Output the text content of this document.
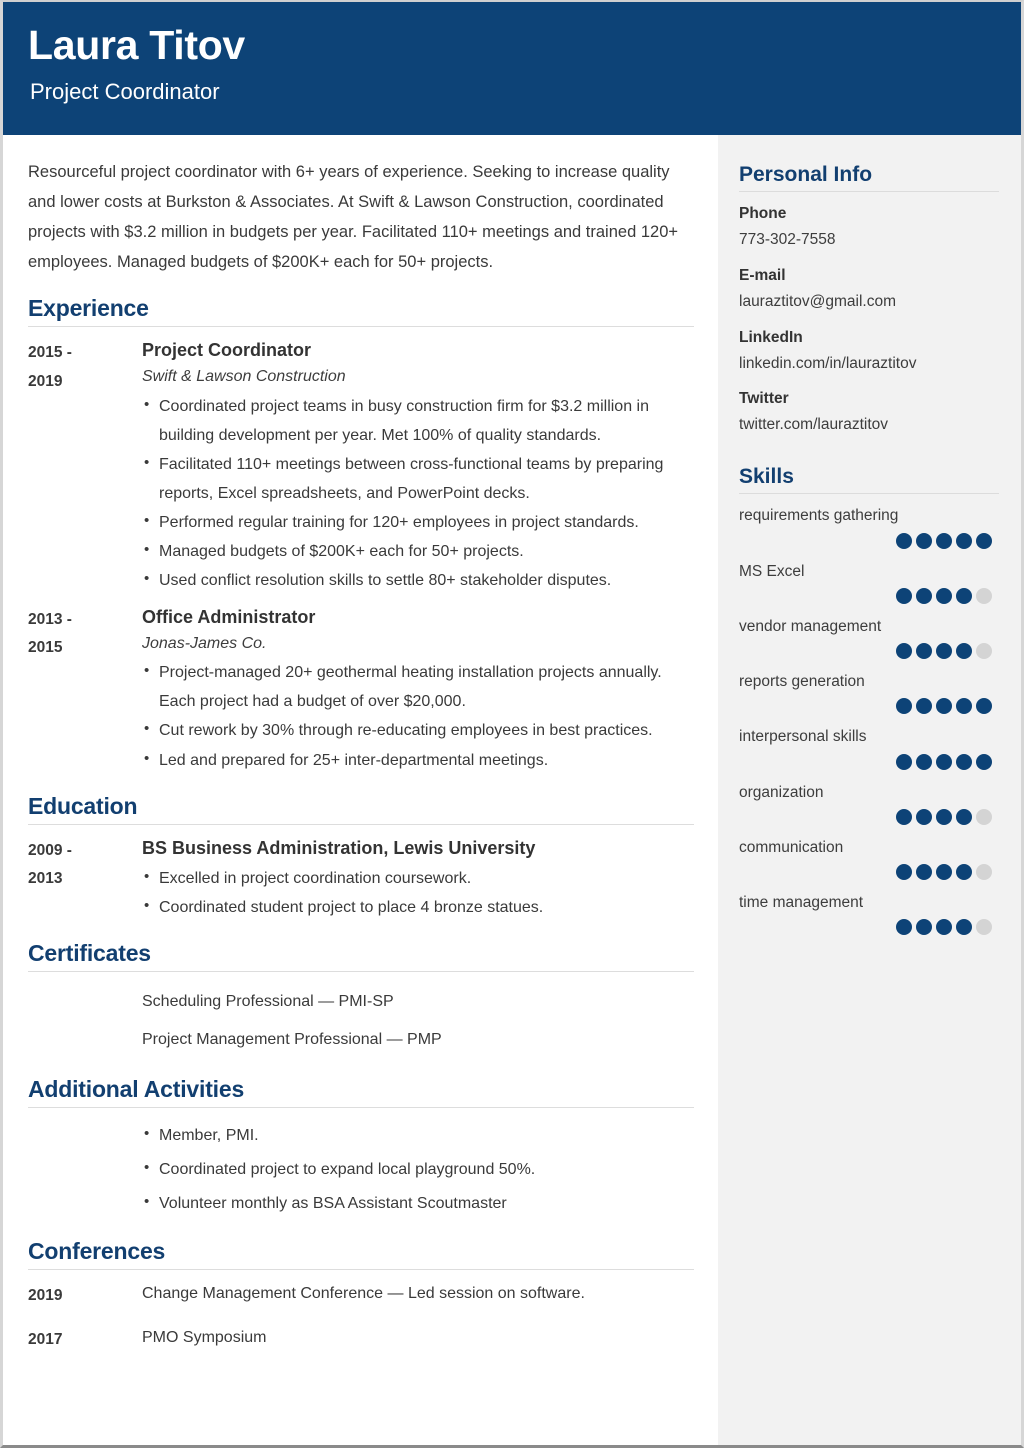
Laura Titov
Project Coordinator

Resourceful project coordinator with 6+ years of experience. Seeking to increase quality and lower costs at Burkston & Associates. At Swift & Lawson Construction, coordinated projects with $3.2 million in budgets per year. Facilitated 110+ meetings and trained 120+ employees. Managed budgets of $200K+ each for 50+ projects.

Experience
2015 -
2019
Project Coordinator
Swift & Lawson Construction
• Coordinated project teams in busy construction firm for $3.2 million in building development per year. Met 100% of quality standards.
• Facilitated 110+ meetings between cross-functional teams by preparing reports, Excel spreadsheets, and PowerPoint decks.
• Performed regular training for 120+ employees in project standards.
• Managed budgets of $200K+ each for 50+ projects.
• Used conflict resolution skills to settle 80+ stakeholder disputes.
2013 -
2015
Office Administrator
Jonas-James Co.
• Project-managed 20+ geothermal heating installation projects annually. Each project had a budget of over $20,000.
• Cut rework by 30% through re-educating employees in best practices.
• Led and prepared for 25+ inter-departmental meetings.
Education
2009 -
2013
BS Business Administration, Lewis University
• Excelled in project coordination coursework.
• Coordinated student project to place 4 bronze statues.
Certificates
Scheduling Professional — PMI-SP
Project Management Professional — PMP
Additional Activities
• Member, PMI.
• Coordinated project to expand local playground 50%.
• Volunteer monthly as BSA Assistant Scoutmaster
Conferences
2019	Change Management Conference — Led session on software.
2017	PMO Symposium
Personal Info
Phone
773-302-7558
E-mail
lauraztitov@gmail.com
LinkedIn
linkedin.com/in/lauraztitov
Twitter
twitter.com/lauraztitov
Skills
requirements gathering
MS Excel
vendor management
reports generation
interpersonal skills
organization
communication
time management
